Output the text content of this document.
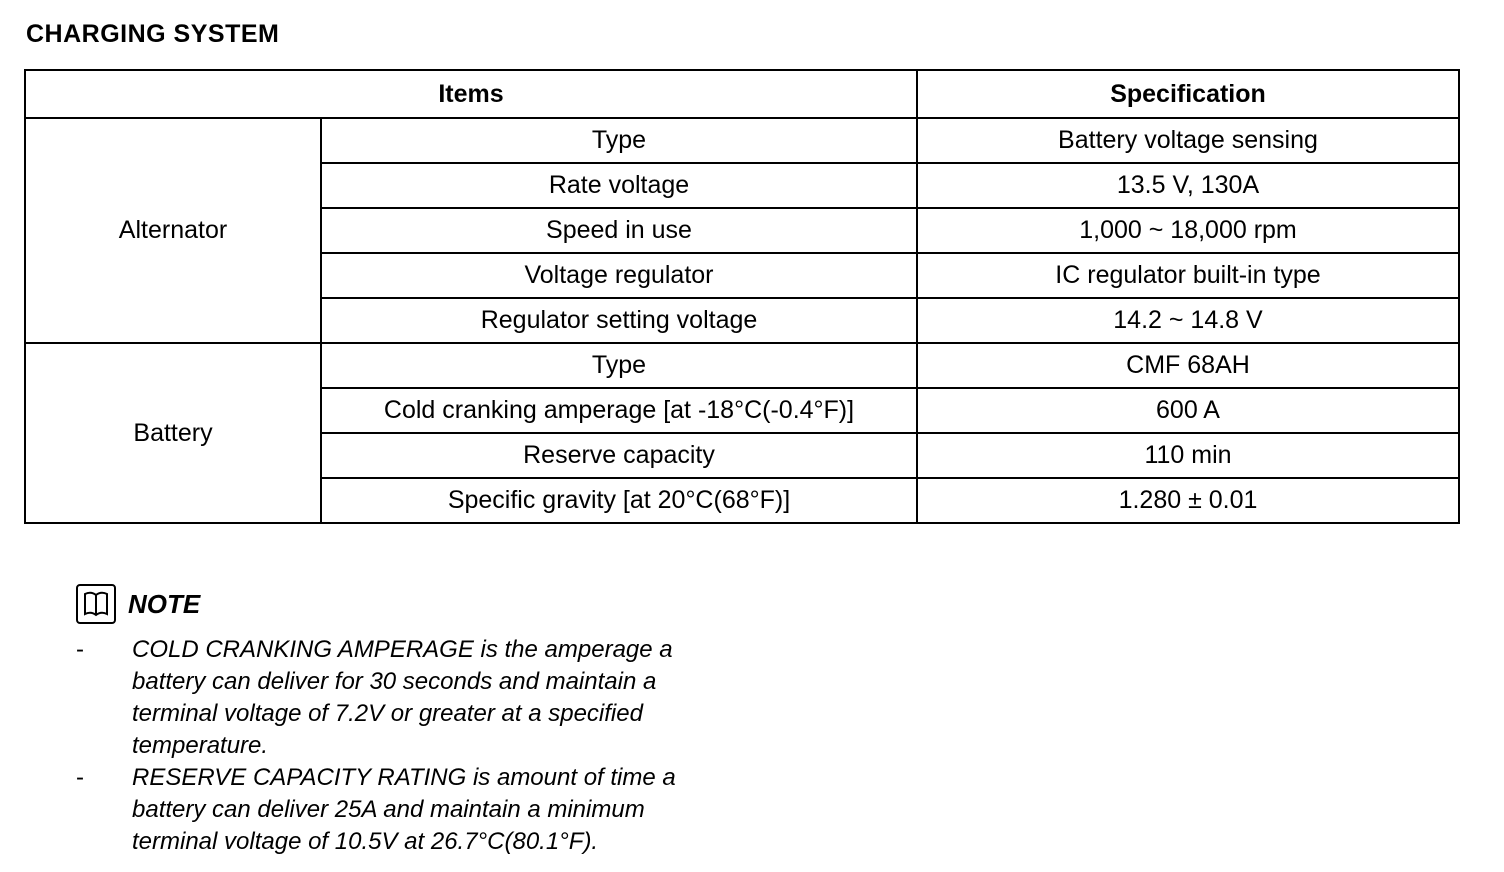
CHARGING SYSTEM
Items		Specification
Alternator	Type	Battery voltage sensing
	Rate voltage	13.5 V, 130A
	Speed in use	1,000 ~ 18,000 rpm
	Voltage regulator	IC regulator built-in type
	Regulator setting voltage	14.2 ~ 14.8 V
Battery	Type	CMF 68AH
	Cold cranking amperage [at -18°C(-0.4°F)]	600 A
	Reserve capacity	110 min
	Specific gravity [at 20°C(68°F)]	1.280 ± 0.01
NOTE
-	COLD CRANKING AMPERAGE is the amperage a battery can deliver for 30 seconds and maintain a terminal voltage of 7.2V or greater at a specified temperature.
-	RESERVE CAPACITY RATING is amount of time a battery can deliver 25A and maintain a minimum terminal voltage of 10.5V at 26.7°C(80.1°F).
